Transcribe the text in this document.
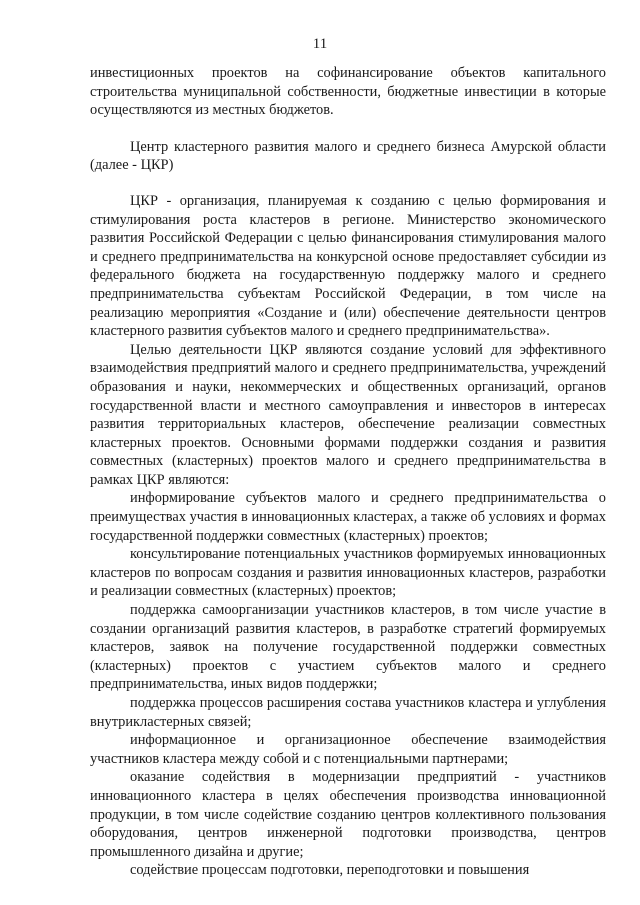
11

инвестиционных проектов на софинансирование объектов капитального строительства муниципальной собственности, бюджетные инвестиции в которые осуществляются из местных бюджетов.

Центр кластерного развития малого и среднего бизнеса Амурской области (далее - ЦКР)

ЦКР - организация, планируемая к созданию с целью формирования и стимулирования роста кластеров в регионе. Министерство экономического развития Российской Федерации с целью финансирования стимулирования малого и среднего предпринимательства на конкурсной основе предоставляет субсидии из федерального бюджета на государственную поддержку малого и среднего предпринимательства субъектам Российской Федерации, в том числе на реализацию мероприятия «Создание и (или) обеспечение деятельности центров кластерного развития субъектов малого и среднего предпринимательства».

Целью деятельности ЦКР являются создание условий для эффективного взаимодействия предприятий малого и среднего предпринимательства, учреждений образования и науки, некоммерческих и общественных организаций, органов государственной власти и местного самоуправления и инвесторов в интересах развития территориальных кластеров, обеспечение реализации совместных кластерных проектов. Основными формами поддержки создания и развития совместных (кластерных) проектов малого и среднего предпринимательства в рамках ЦКР являются:

информирование субъектов малого и среднего предпринимательства о преимуществах участия в инновационных кластерах, а также об условиях и формах государственной поддержки совместных (кластерных) проектов;

консультирование потенциальных участников формируемых инновационных кластеров по вопросам создания и развития инновационных кластеров, разработки и реализации совместных (кластерных) проектов;

поддержка самоорганизации участников кластеров, в том числе участие в создании организаций развития кластеров, в разработке стратегий формируемых кластеров, заявок на получение государственной поддержки совместных (кластерных) проектов с участием субъектов малого и среднего предпринимательства, иных видов поддержки;

поддержка процессов расширения состава участников кластера и углубления внутрикластерных связей;

информационное и организационное обеспечение взаимодействия участников кластера между собой и с потенциальными партнерами;

оказание содействия в модернизации предприятий - участников инновационного кластера в целях обеспечения производства инновационной продукции, в том числе содействие созданию центров коллективного пользования оборудования, центров инженерной подготовки производства, центров промышленного дизайна и другие;

содействие процессам подготовки, переподготовки и повышения
